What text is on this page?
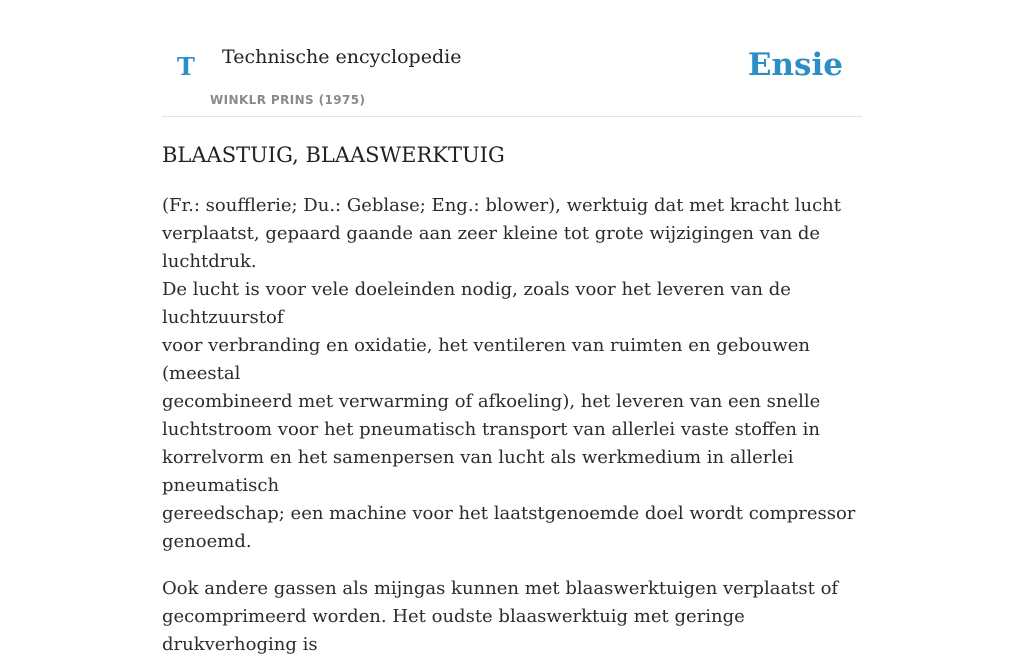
T Technische encyclopedie
WINKLR PRINS (1975)
Ensie
BLAASTUIG, BLAASWERKTUIG

(Fr.: soufflerie; Du.: Geblase; Eng.: blower), werktuig dat met kracht lucht
verplaatst, gepaard gaande aan zeer kleine tot grote wijzigingen van de luchtdruk.
De lucht is voor vele doeleinden nodig, zoals voor het leveren van de luchtzuurstof
voor verbranding en oxidatie, het ventileren van ruimten en gebouwen (meestal
gecombineerd met verwarming of afkoeling), het leveren van een snelle
luchtstroom voor het pneumatisch transport van allerlei vaste stoffen in
korrelvorm en het samenpersen van lucht als werkmedium in allerlei pneumatisch
gereedschap; een machine voor het laatstgenoemde doel wordt compressor
genoemd.

Ook andere gassen als mijngas kunnen met blaaswerktuigen verplaatst of
gecomprimeerd worden. Het oudste blaaswerktuig met geringe drukverhoging is
